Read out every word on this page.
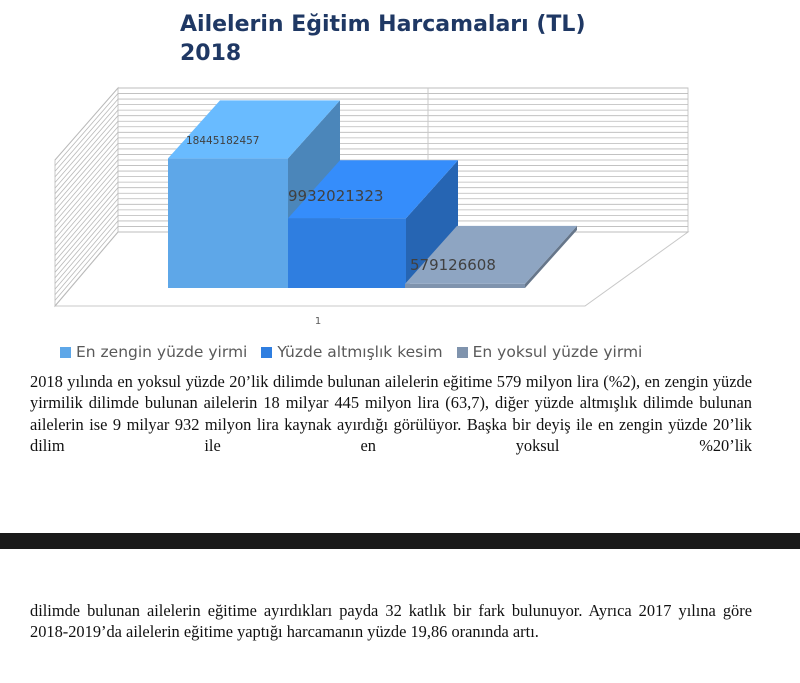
18445182457
9932021323
579126608
1
Ailelerin Eğitim Harcamaları (TL)
2018
En zengin yüzde yirmi Yüzde altmışlık kesim En yoksul yüzde yirmi
2018 yılında en yoksul yüzde 20’lik dilimde bulunan ailelerin eğitime 579 milyon lira (%2), en zengin yüzde yirmilik dilimde bulunan ailelerin 18 milyar 445 milyon lira (63,7), diğer yüzde altmışlık dilimde bulunan ailelerin ise 9 milyar 932 milyon lira kaynak ayırdığı görülüyor. Başka bir deyiş ile en zengin yüzde 20’lik dilim ile en yoksul %20’lik
dilimde bulunan ailelerin eğitime ayırdıkları payda 32 katlık bir fark bulunuyor. Ayrıca 2017 yılına göre 2018-2019’da ailelerin eğitime yaptığı harcamanın yüzde 19,86 oranında artı.
